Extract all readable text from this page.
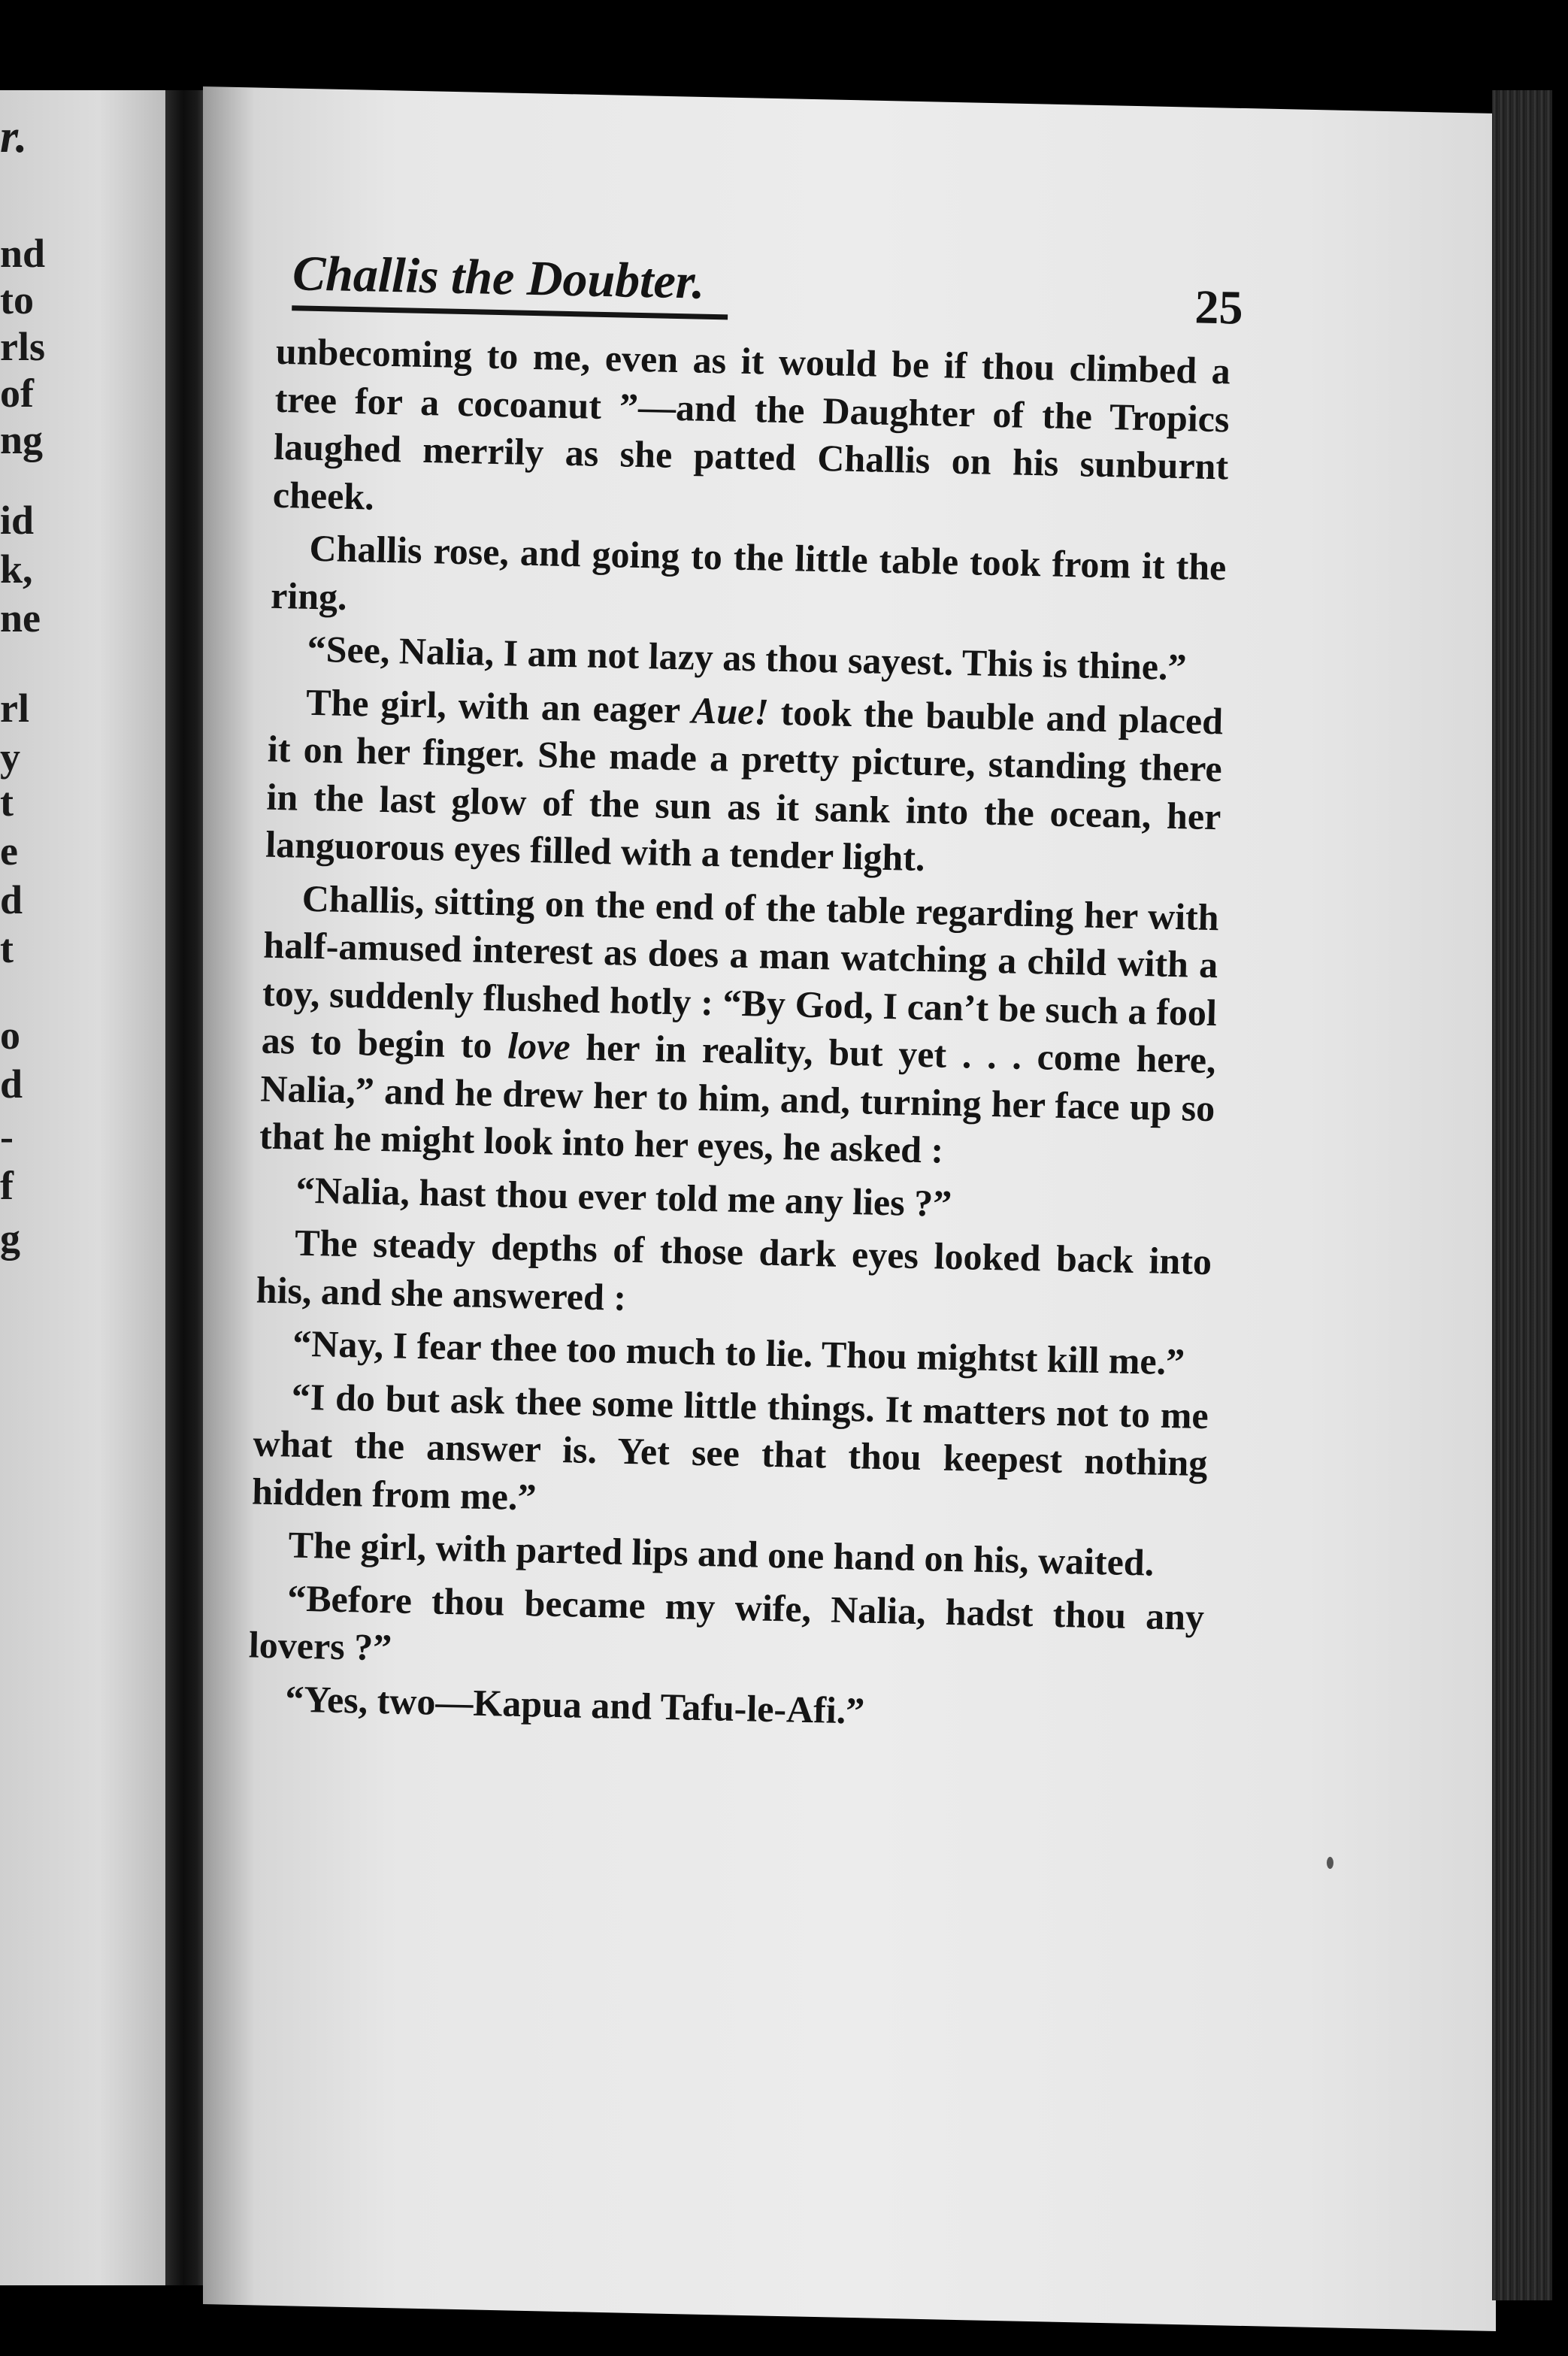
r.
nd
to
rls
of
ng
id
k,
ne
rl
y
t
e
d
t
o
d
-
f
g
Challis the Doubter.	25

unbecoming to me, even as it would be if thou climbed a tree for a cocoanut ”—and the Daughter of the Tropics laughed merrily as she patted Challis on his sunburnt cheek.

Challis rose, and going to the little table took from it the ring.

“See, Nalia, I am not lazy as thou sayest. This is thine.”

The girl, with an eager Aue! took the bauble and placed it on her finger. She made a pretty picture, standing there in the last glow of the sun as it sank into the ocean, her languorous eyes filled with a tender light.

Challis, sitting on the end of the table regarding her with half-amused interest as does a man watching a child with a toy, suddenly flushed hotly : “By God, I can’t be such a fool as to begin to love her in reality, but yet . . . come here, Nalia,” and he drew her to him, and, turning her face up so that he might look into her eyes, he asked :

“Nalia, hast thou ever told me any lies ?”

The steady depths of those dark eyes looked back into his, and she answered :

“Nay, I fear thee too much to lie. Thou mightst kill me.”

“I do but ask thee some little things. It matters not to me what the answer is. Yet see that thou keepest nothing hidden from me.”

The girl, with parted lips and one hand on his, waited.

“Before thou became my wife, Nalia, hadst thou any lovers ?”

“Yes, two—Kapua and Tafu-le-Afi.”
